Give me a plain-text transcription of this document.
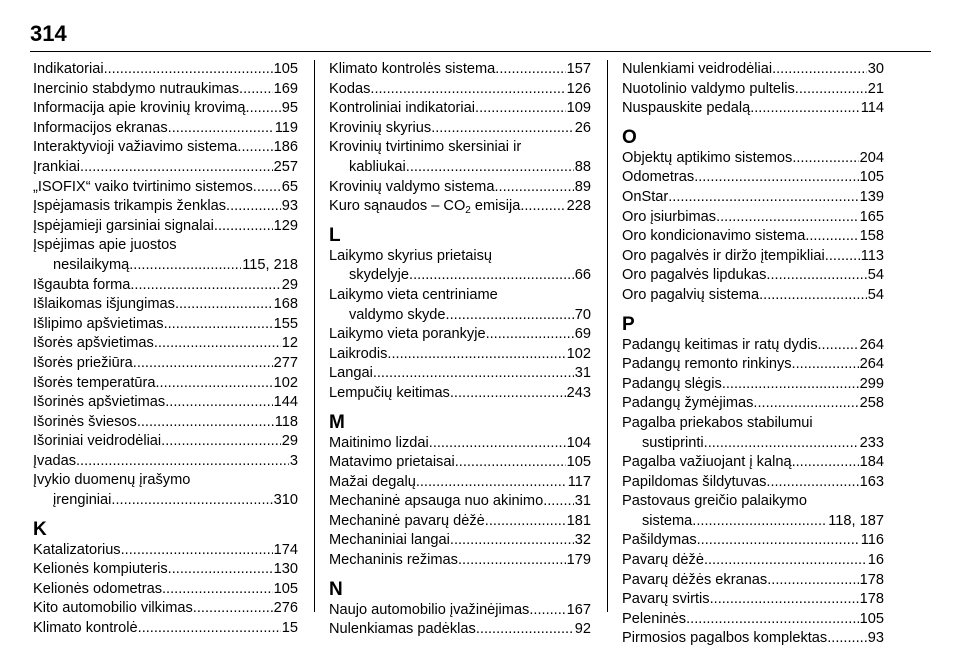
314
Indikatoriai .....	105
Inercinio stabdymo nutraukimas ..... 169
Informacija apie krovinių krovimą ..... 95
Informacijos ekranas .....	119
Interaktyvioji važiavimo sistema. ..... 186
Įrankiai .....	257
„ISOFIX“ vaiko tvirtinimo sistemos ..... 65
Įspėjamasis trikampis ženklas .....	93
Įspėjamieji garsiniai signalai .....	129
Įspėjimas apie juostos
nesilaikymą .....	115, 218
Išgaubta forma .....	29
Išlaikomas išjungimas .....	168
Išlipimo apšvietimas .....	155
Išorės apšvietimas .....	12
Išorės priežiūra .....	277
Išorės temperatūra .....	102
Išorinės apšvietimas .....	144
Išorinės šviesos .....	118
Išoriniai veidrodėliai .....	29
Įvadas .....	3
Įvykio duomenų įrašymo
įrenginiai .....	310
K
Katalizatorius .....	174
Kelionės kompiuteris .....	130
Kelionės odometras .....	105
Kito automobilio vilkimas .....	276
Klimato kontrolė .....	15
Klimato kontrolės sistema .....	157
Kodas .....	126
Kontroliniai indikatoriai .....	109
Krovinių skyrius .....	26
Krovinių tvirtinimo skersiniai ir
kabliukai .....	88
Krovinių valdymo sistema .....	89
Kuro sąnaudos – $CO_2$ emisija .....	228
L
Laikymo skyrius prietaisų
skydelyje .....	66
Laikymo vieta centriniame
valdymo skyde .....	70
Laikymo vieta porankyje .....	69
Laikrodis .....	102
Langai .....	31
Lempučių keitimas .....	243
M
Maitinimo lizdai .....	104
Matavimo prietaisai .....	105
Mažai degalų .....	117
Mechaninė apsauga nuo akinimo ..... 31
Mechaninė pavarų dėžė .....	181
Mechaniniai langai .....	32
Mechaninis režimas .....	179
N
Naujo automobilio įvažinėjimas .....	167
Nulenkiamas padėklas .....	92
Nulenkiami veidrodėliai .....	30
Nuotolinio valdymo pultelis .....	21
Nuspauskite pedalą .....	114
O
Objektų aptikimo sistemos .....	204
Odometras .....	105
OnStar .....	139
Oro įsiurbimas .....	165
Oro kondicionavimo sistema .....	158
Oro pagalvės ir diržo įtempikliai ..... 113
Oro pagalvės lipdukas .....	54
Oro pagalvių sistema .....	54
P
Padangų keitimas ir ratų dydis .....	264
Padangų remonto rinkinys .....	264
Padangų slėgis .....	299
Padangų žymėjimas .....	258
Pagalba priekabos stabilumui
sustiprinti .....	233
Pagalba važiuojant į kalną .....	184
Papildomas šildytuvas .....	163
Pastovaus greičio palaikymo
sistema .....	118, 187
Pašildymas .....	116
Pavarų dėžė .....	16
Pavarų dėžės ekranas .....	178
Pavarų svirtis .....	178
Peleninės .....	105
Pirmosios pagalbos komplektas .....	93
